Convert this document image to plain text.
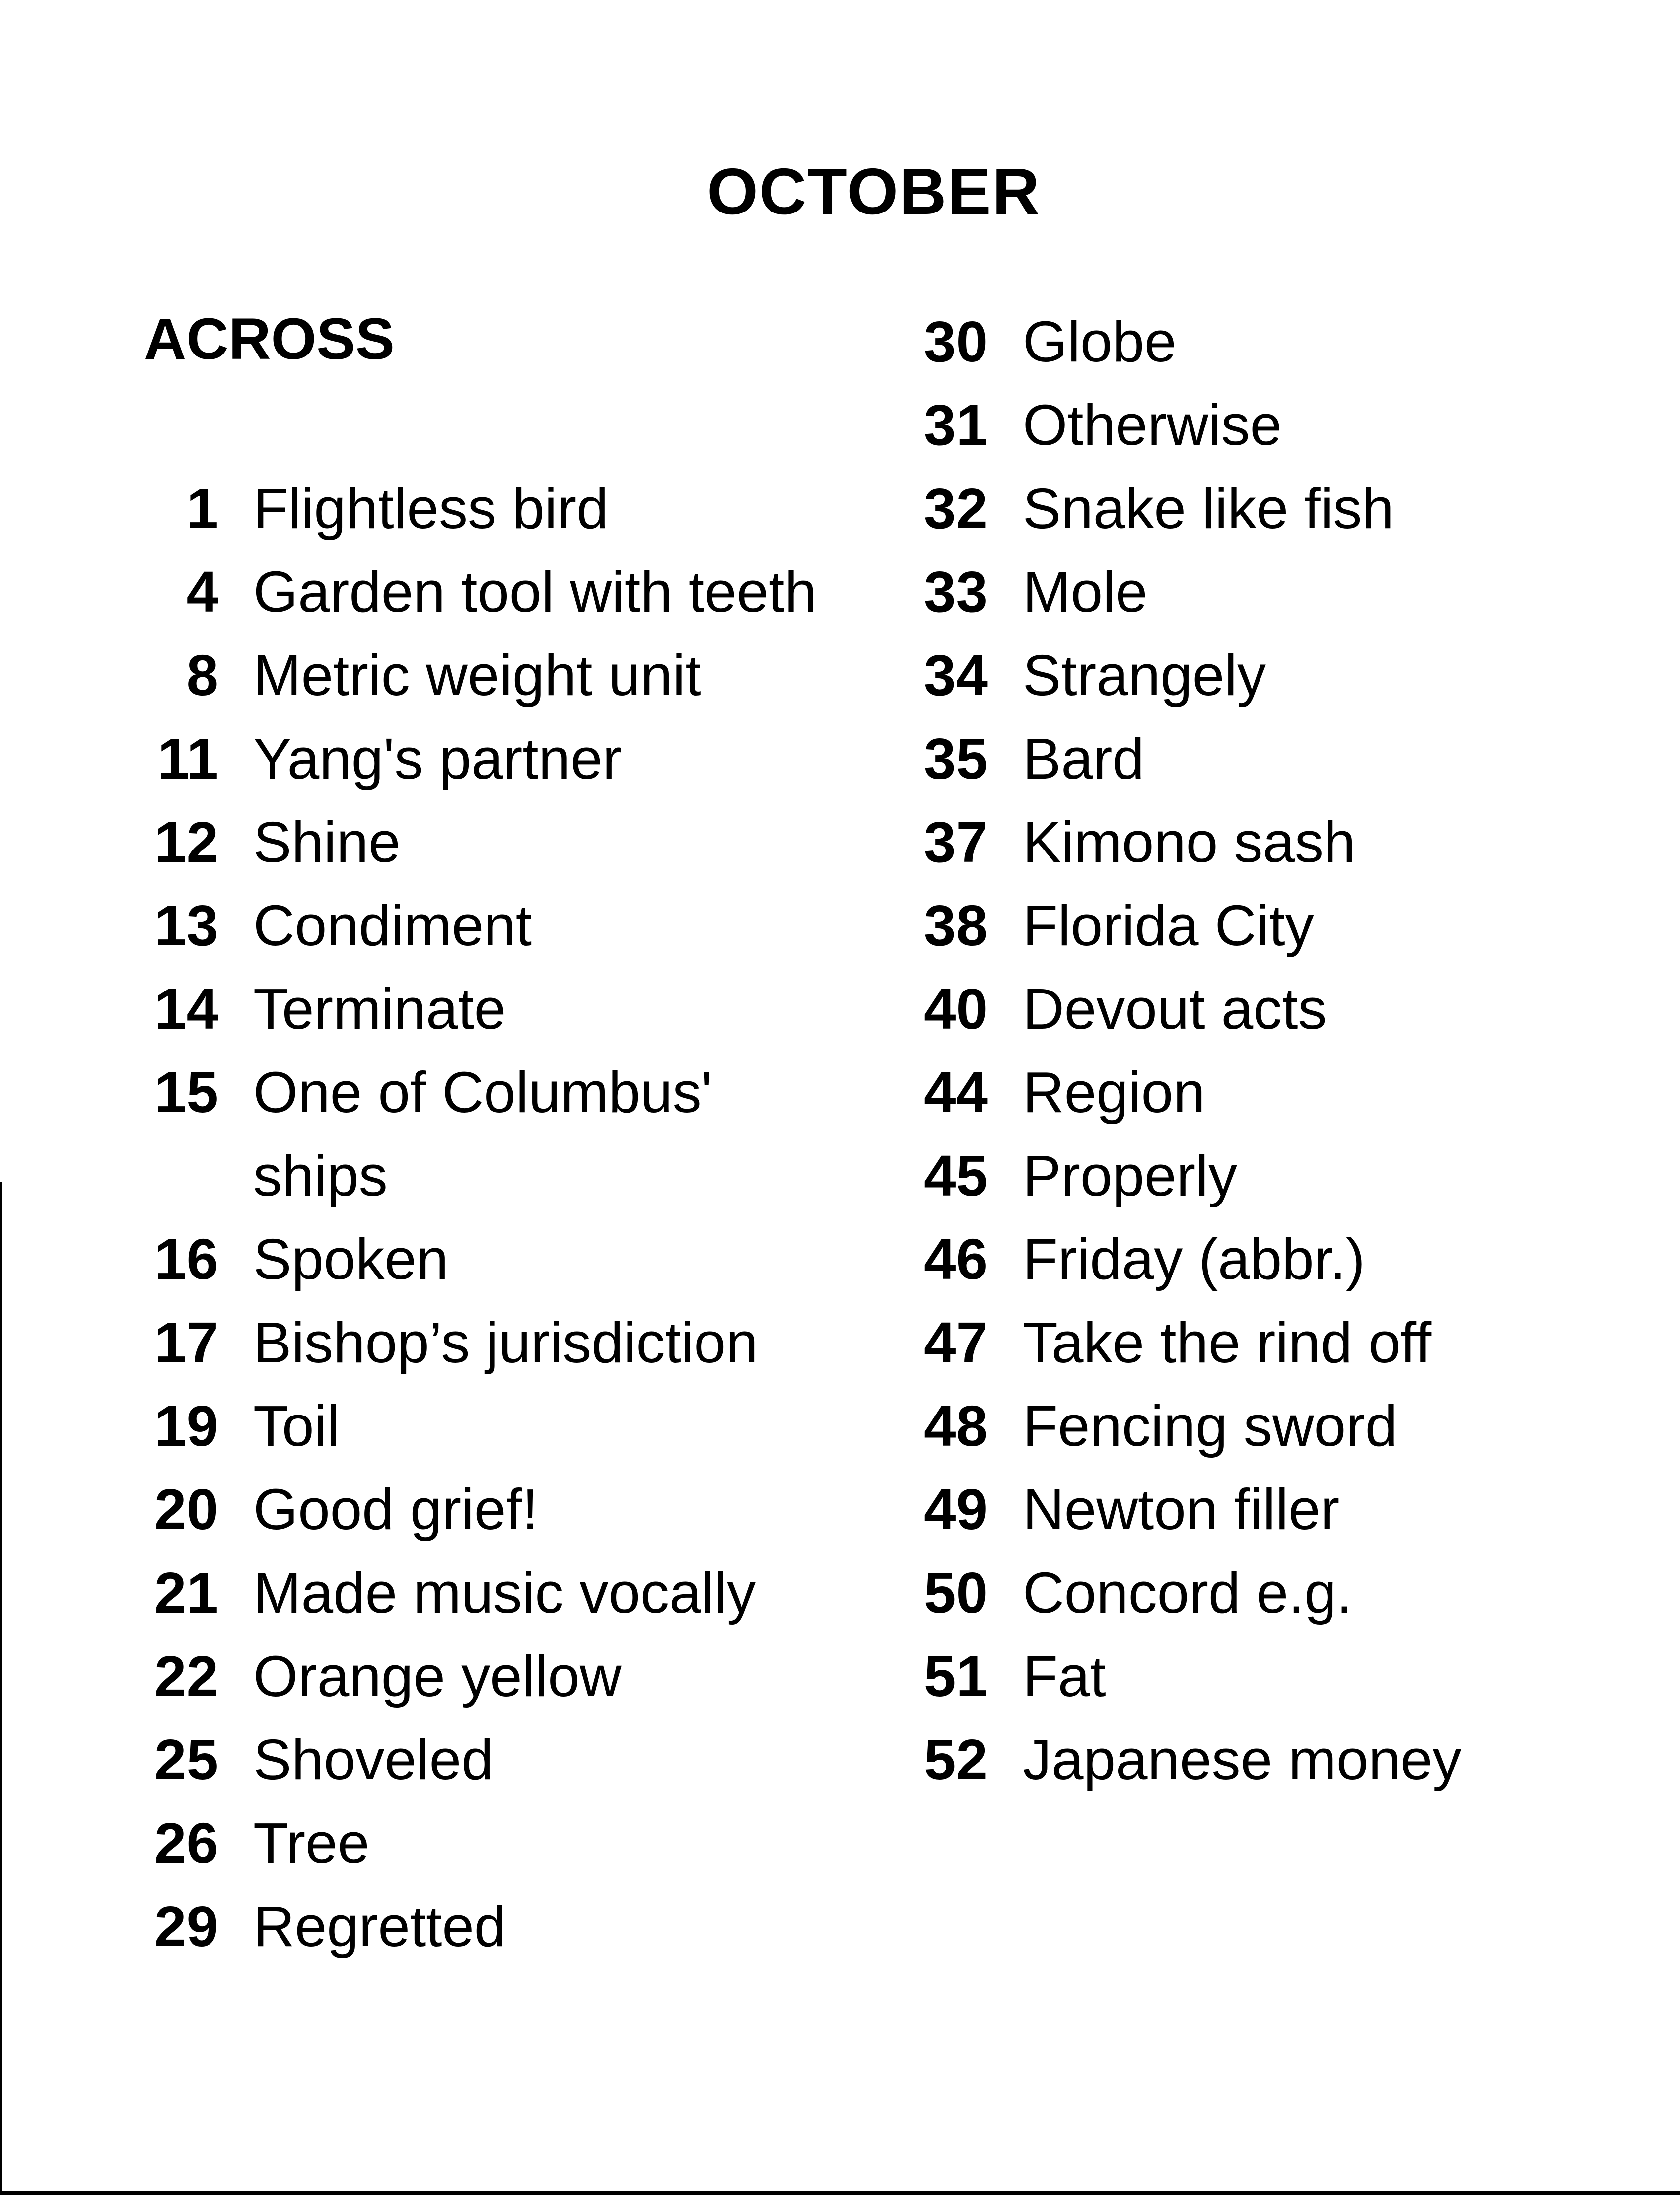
OCTOBER
ACROSS
1 Flightless bird
4 Garden tool with teeth
8 Metric weight unit
11 Yang's partner
12 Shine
13 Condiment
14 Terminate
15 One of Columbus' ships
16 Spoken
17 Bishop’s jurisdiction
19 Toil
20 Good grief!
21 Made music vocally
22 Orange yellow
25 Shoveled
26 Tree
29 Regretted
30 Globe
31 Otherwise
32 Snake like fish
33 Mole
34 Strangely
35 Bard
37 Kimono sash
38 Florida City
40 Devout acts
44 Region
45 Properly
46 Friday (abbr.)
47 Take the rind off
48 Fencing sword
49 Newton filler
50 Concord e.g.
51 Fat
52 Japanese money
